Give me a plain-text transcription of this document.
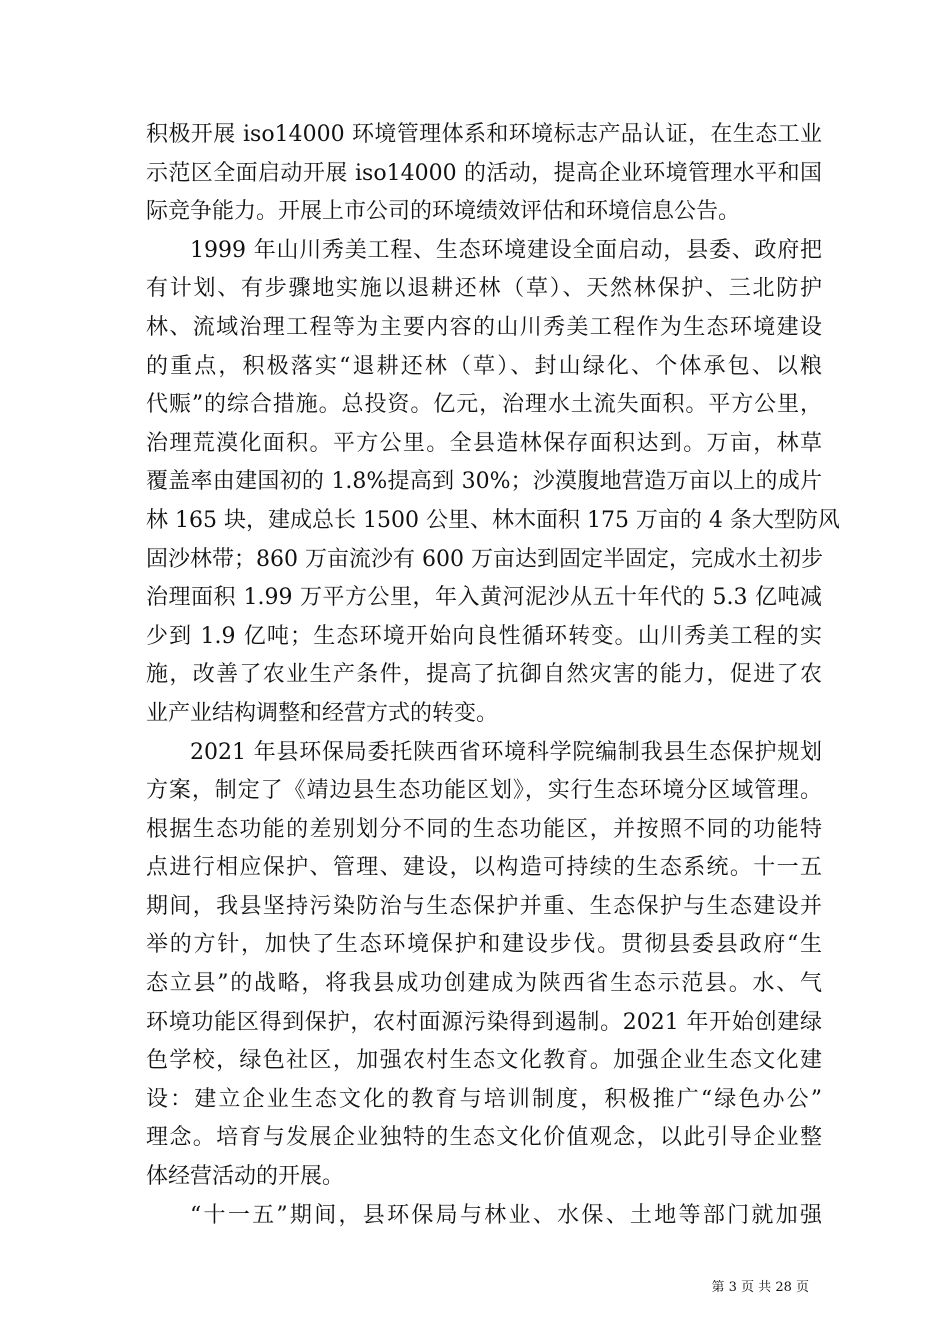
积极开展 iso14000 环境管理体系和环境标志产品认证，在生态工业
示范区全面启动开展 iso14000 的活动，提高企业环境管理水平和国
际竞争能力。开展上市公司的环境绩效评估和环境信息公告。
1999 年山川秀美工程、生态环境建设全面启动，县委、政府把
有计划、有步骤地实施以退耕还林（草）、天然林保护、三北防护
林、流域治理工程等为主要内容的山川秀美工程作为生态环境建设
的重点，积极落实“退耕还林（草）、封山绿化、个体承包、以粮
代赈”的综合措施。总投资。亿元，治理水土流失面积。平方公里，
治理荒漠化面积。平方公里。全县造林保存面积达到。万亩，林草
覆盖率由建国初的 1.8%提高到 30%；沙漠腹地营造万亩以上的成片
林 165 块，建成总长 1500 公里、林木面积 175 万亩的 4 条大型防风
固沙林带；860 万亩流沙有 600 万亩达到固定半固定，完成水土初步
治理面积 1.99 万平方公里，年入黄河泥沙从五十年代的 5.3 亿吨减
少到 1.9 亿吨；生态环境开始向良性循环转变。山川秀美工程的实
施，改善了农业生产条件，提高了抗御自然灾害的能力，促进了农
业产业结构调整和经营方式的转变。
2021 年县环保局委托陕西省环境科学院编制我县生态保护规划
方案，制定了《靖边县生态功能区划》，实行生态环境分区域管理。
根据生态功能的差别划分不同的生态功能区，并按照不同的功能特
点进行相应保护、管理、建设，以构造可持续的生态系统。十一五
期间，我县坚持污染防治与生态保护并重、生态保护与生态建设并
举的方针，加快了生态环境保护和建设步伐。贯彻县委县政府“生
态立县”的战略，将我县成功创建成为陕西省生态示范县。水、气
环境功能区得到保护，农村面源污染得到遏制。2021 年开始创建绿
色学校，绿色社区，加强农村生态文化教育。加强企业生态文化建
设：建立企业生态文化的教育与培训制度，积极推广“绿色办公”
理念。培育与发展企业独特的生态文化价值观念，以此引导企业整
体经营活动的开展。
“十一五”期间，县环保局与林业、水保、土地等部门就加强
第 3 页 共 28 页
